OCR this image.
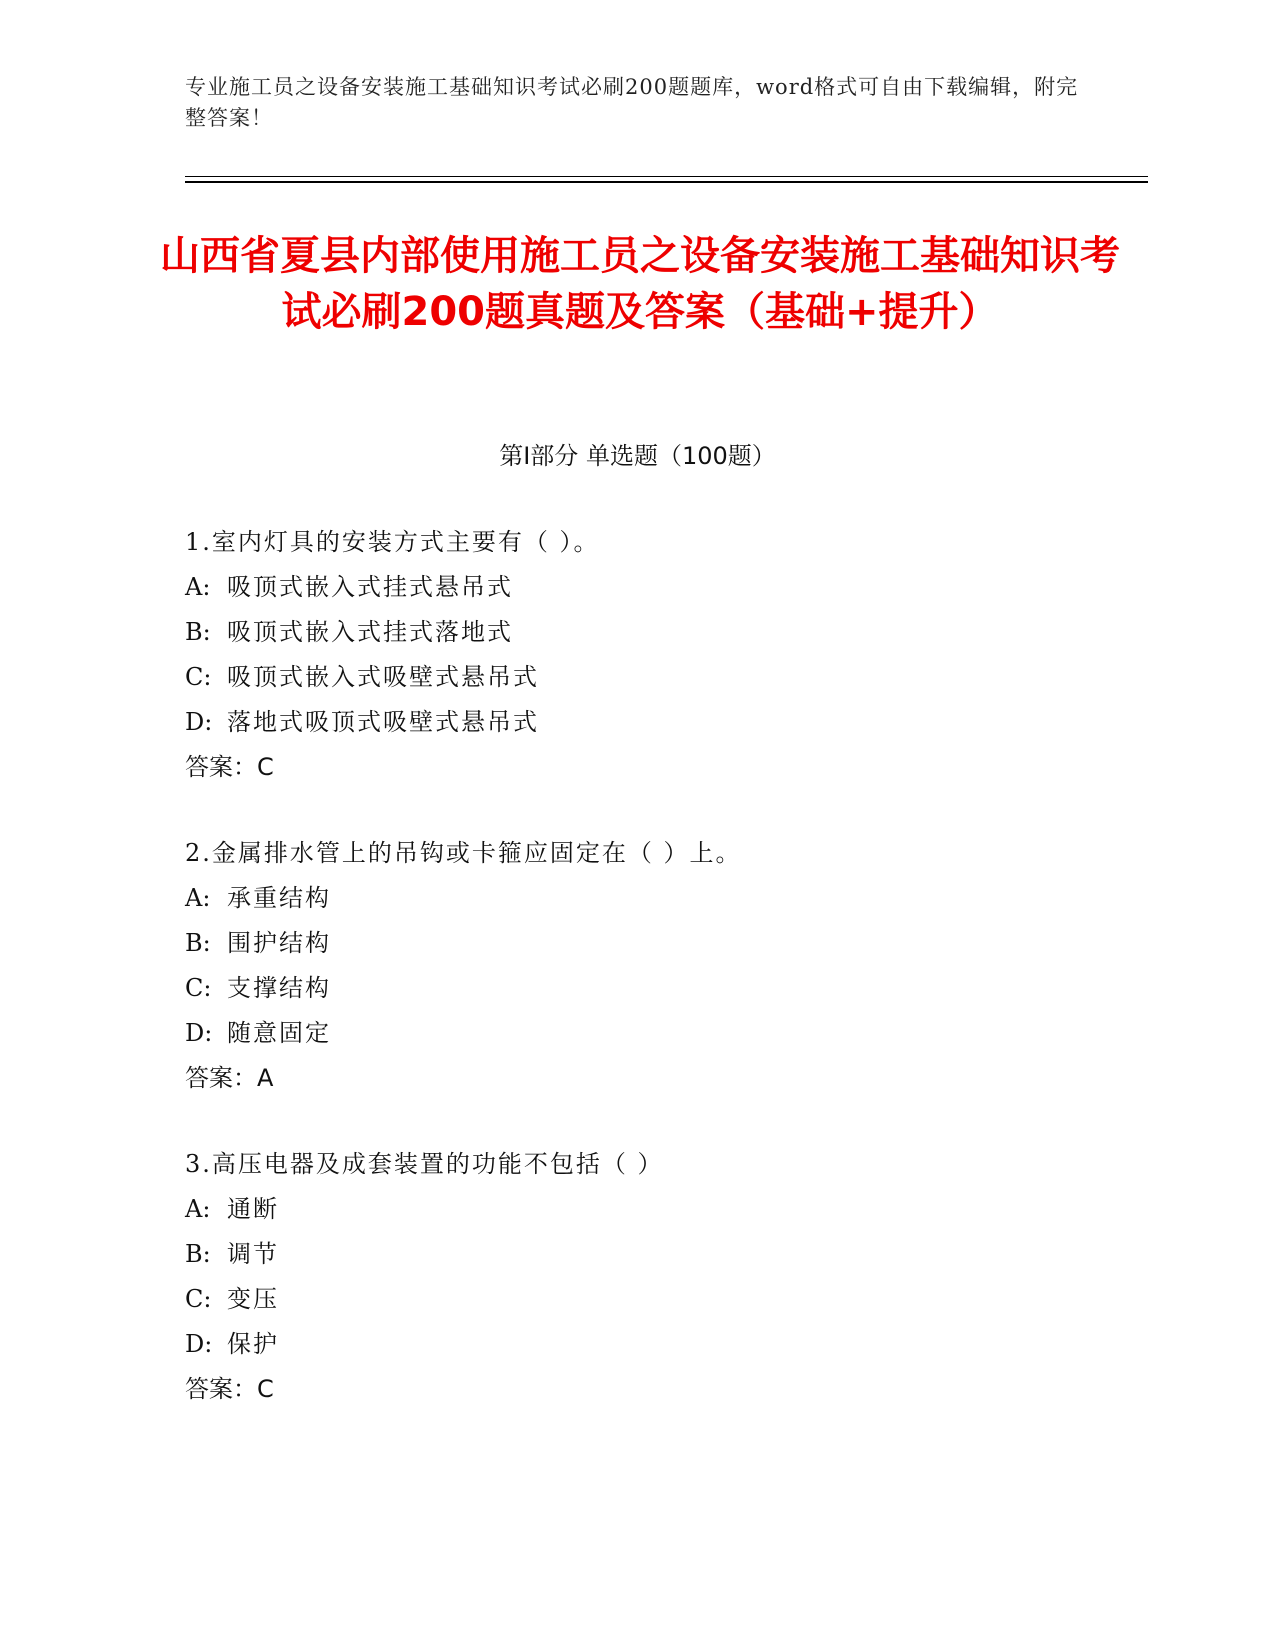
专业施工员之设备安装施工基础知识考试必刷200题题库，word格式可自由下载编辑，附完整答案！
山西省夏县内部使用施工员之设备安装施工基础知识考试必刷200题真题及答案（基础+提升）
第I部分 单选题（100题）
1.室内灯具的安装方式主要有（ ）。
A: 吸顶式嵌入式挂式悬吊式
B: 吸顶式嵌入式挂式落地式
C: 吸顶式嵌入式吸壁式悬吊式
D: 落地式吸顶式吸壁式悬吊式
答案：C
2.金属排水管上的吊钩或卡箍应固定在（ ）上。
A: 承重结构
B: 围护结构
C: 支撑结构
D: 随意固定
答案：A
3.高压电器及成套装置的功能不包括（ ）
A: 通断
B: 调节
C: 变压
D: 保护
答案：C
